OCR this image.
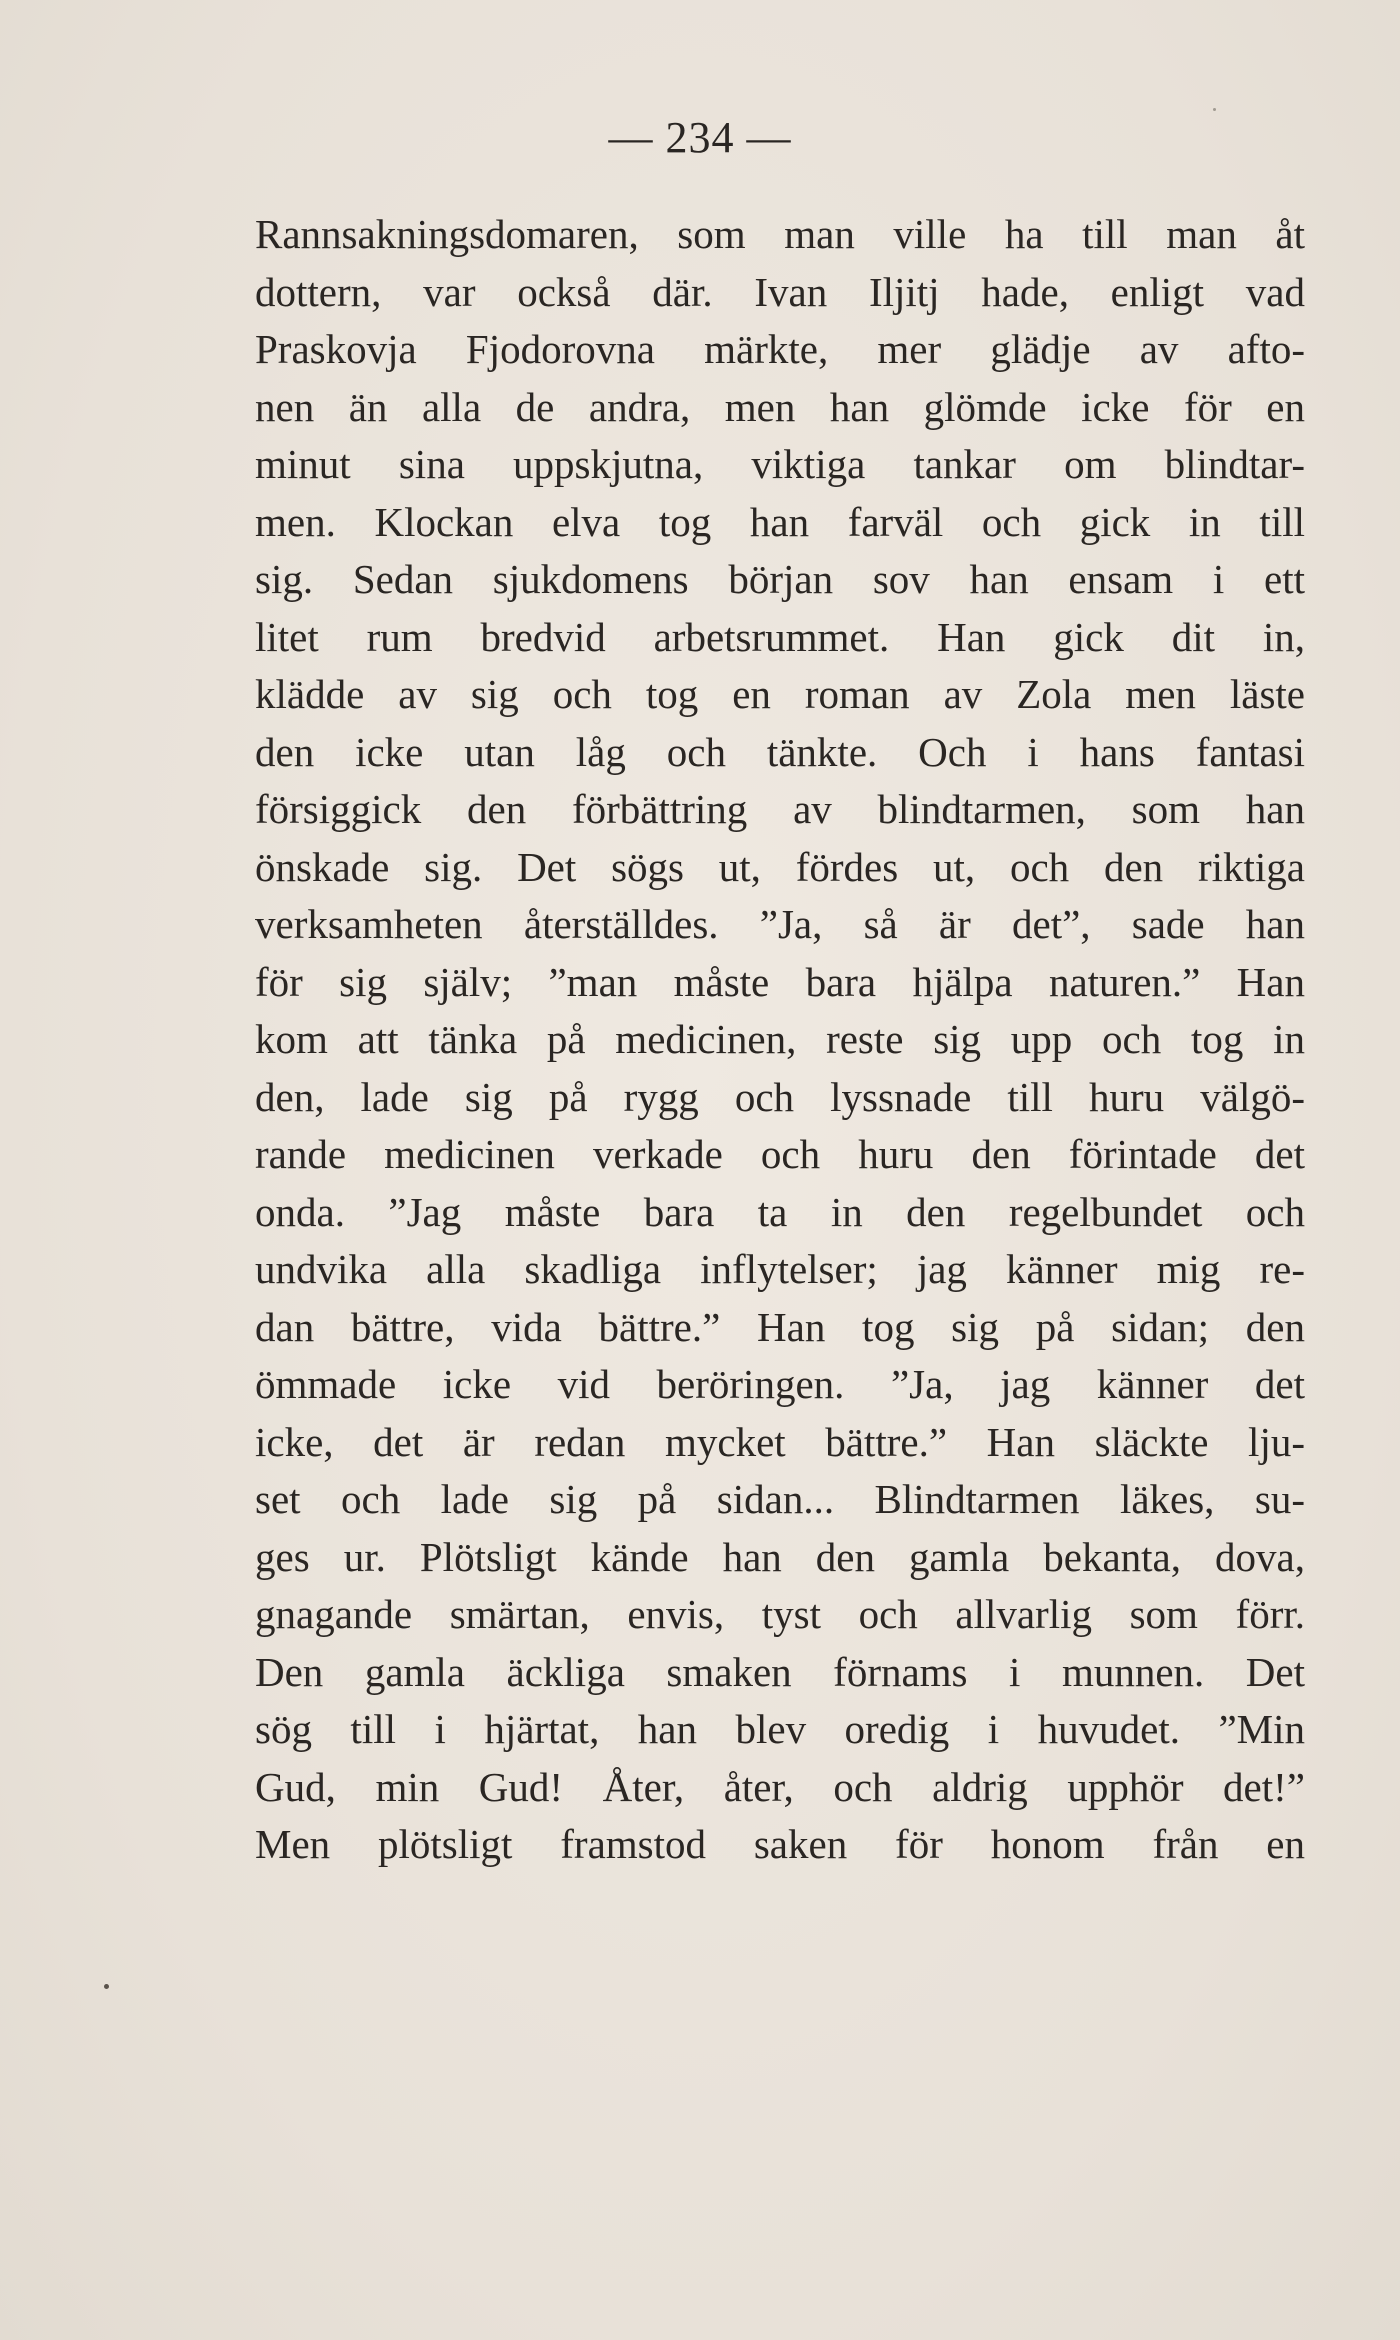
— 234 —
Rannsakningsdomaren, som man ville ha till man åt
dottern, var också där. Ivan Iljitj hade, enligt vad
Praskovja Fjodorovna märkte, mer glädje av afto-
nen än alla de andra, men han glömde icke för en
minut sina uppskjutna, viktiga tankar om blindtar-
men. Klockan elva tog han farväl och gick in till
sig. Sedan sjukdomens början sov han ensam i ett
litet rum bredvid arbetsrummet. Han gick dit in,
klädde av sig och tog en roman av Zola men läste
den icke utan låg och tänkte. Och i hans fantasi
försiggick den förbättring av blindtarmen, som han
önskade sig. Det sögs ut, fördes ut, och den riktiga
verksamheten återställdes. ”Ja, så är det”, sade han
för sig själv; ”man måste bara hjälpa naturen.” Han
kom att tänka på medicinen, reste sig upp och tog in
den, lade sig på rygg och lyssnade till huru välgö-
rande medicinen verkade och huru den förintade det
onda. ”Jag måste bara ta in den regelbundet och
undvika alla skadliga inflytelser; jag känner mig re-
dan bättre, vida bättre.” Han tog sig på sidan; den
ömmade icke vid beröringen. ”Ja, jag känner det
icke, det är redan mycket bättre.” Han släckte lju-
set och lade sig på sidan... Blindtarmen läkes, su-
ges ur. Plötsligt kände han den gamla bekanta, dova,
gnagande smärtan, envis, tyst och allvarlig som förr.
Den gamla äckliga smaken förnams i munnen. Det
sög till i hjärtat, han blev oredig i huvudet. ”Min
Gud, min Gud! Åter, åter, och aldrig upphör det!”
Men plötsligt framstod saken för honom från en
